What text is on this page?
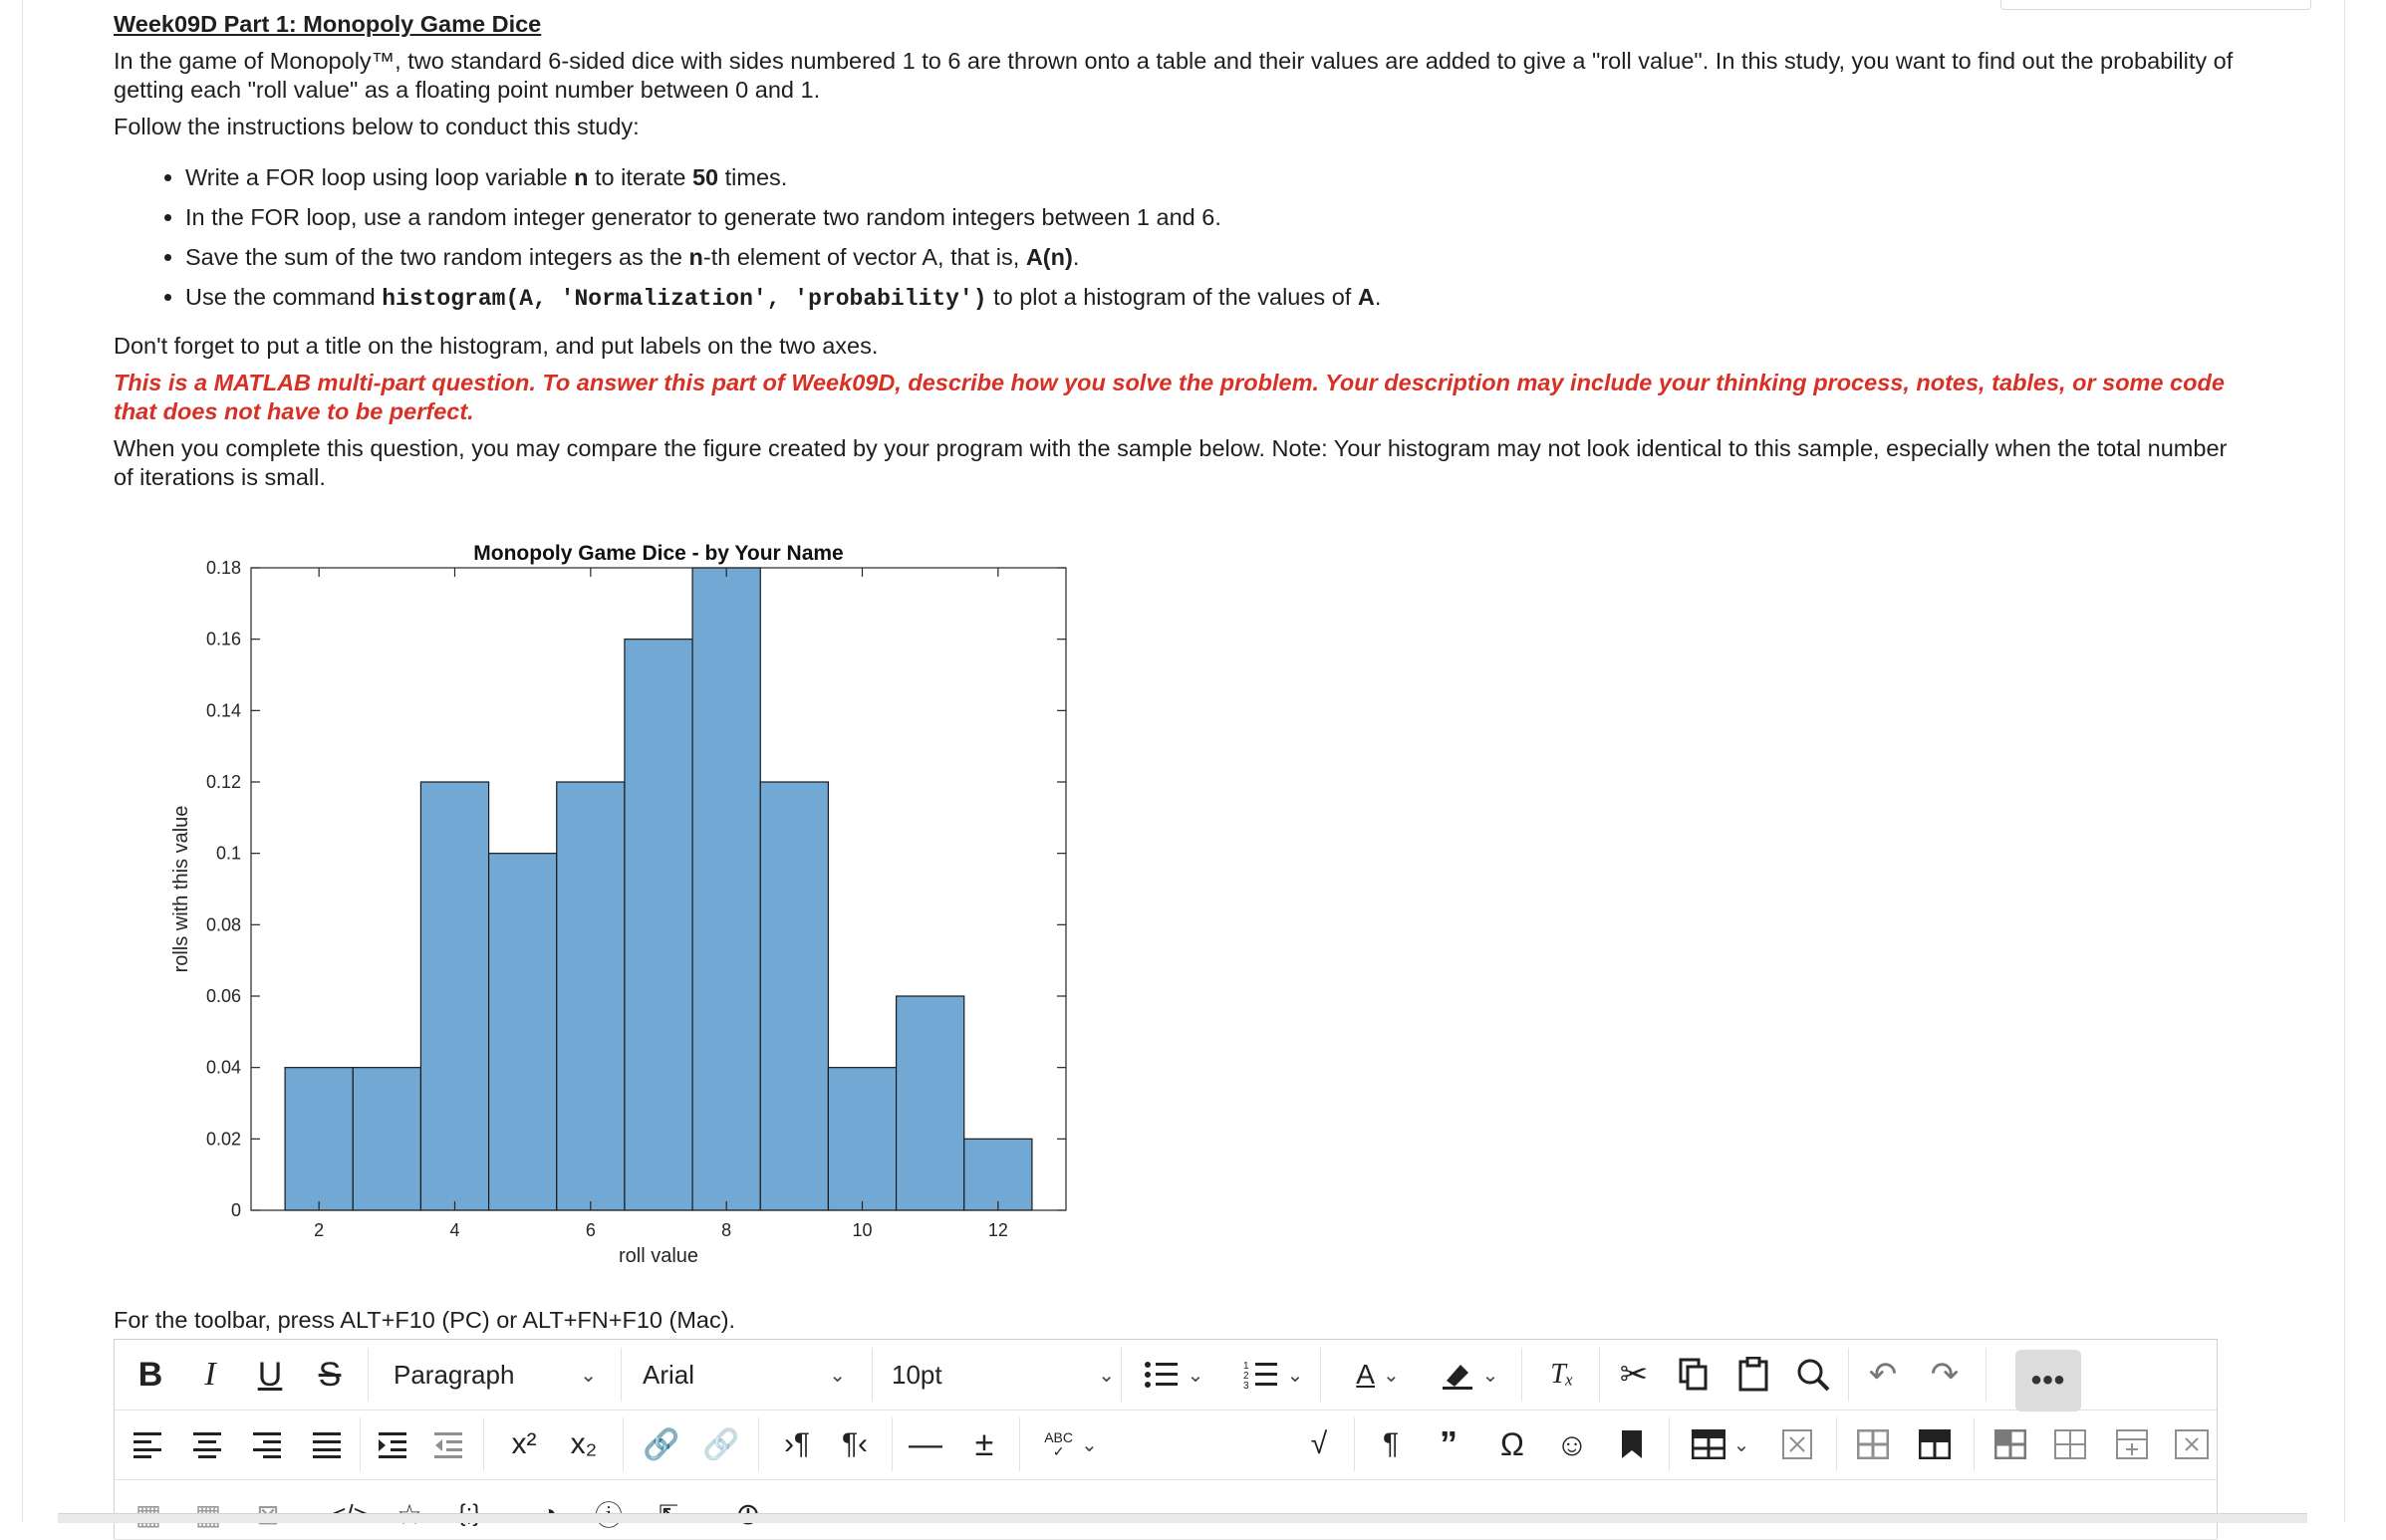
Week09D Part 1: Monopoly Game Dice

In the game of Monopoly™, two standard 6-sided dice with sides numbered 1 to 6 are thrown onto a table and their values are added to give a "roll value". In this study, you want to find out the probability of getting each "roll value" as a floating point number between 0 and 1.

Follow the instructions below to conduct this study:

• Write a FOR loop using loop variable n to iterate 50 times.
• In the FOR loop, use a random integer generator to generate two random integers between 1 and 6.
• Save the sum of the two random integers as the n-th element of vector A, that is, A(n).
• Use the command histogram(A, 'Normalization', 'probability') to plot a histogram of the values of A.

Don't forget to put a title on the histogram, and put labels on the two axes.

This is a MATLAB multi-part question. To answer this part of Week09D, describe how you solve the problem. Your description may include your thinking process, notes, tables, or some code that does not have to be perfect.

When you complete this question, you may compare the figure created by your program with the sample below. Note: Your histogram may not look identical to this sample, especially when the total number of iterations is small.

2	4	6	8	10	12
0
0.02
0.04
0.06
0.08
0.1
0.12
0.14
0.16
0.18
Monopoly Game Dice - by Your Name
roll value
rolls with this value
For the toolbar, press ALT+F10 (PC) or ALT+FN+F10 (Mac).
B	I	U S	Paragraph	⌄ Arial	⌄ 10pt	⌄	⌄	1
2
3 ⌄ A ⌄	⌄ Tₓ ✂	↶ ↷	•••
x² x₂ 🔗 🔗 ›¶ ¶‹ — ±	ABC
✓ ⌄	√ ¶ ” Ω ☺	⌄
